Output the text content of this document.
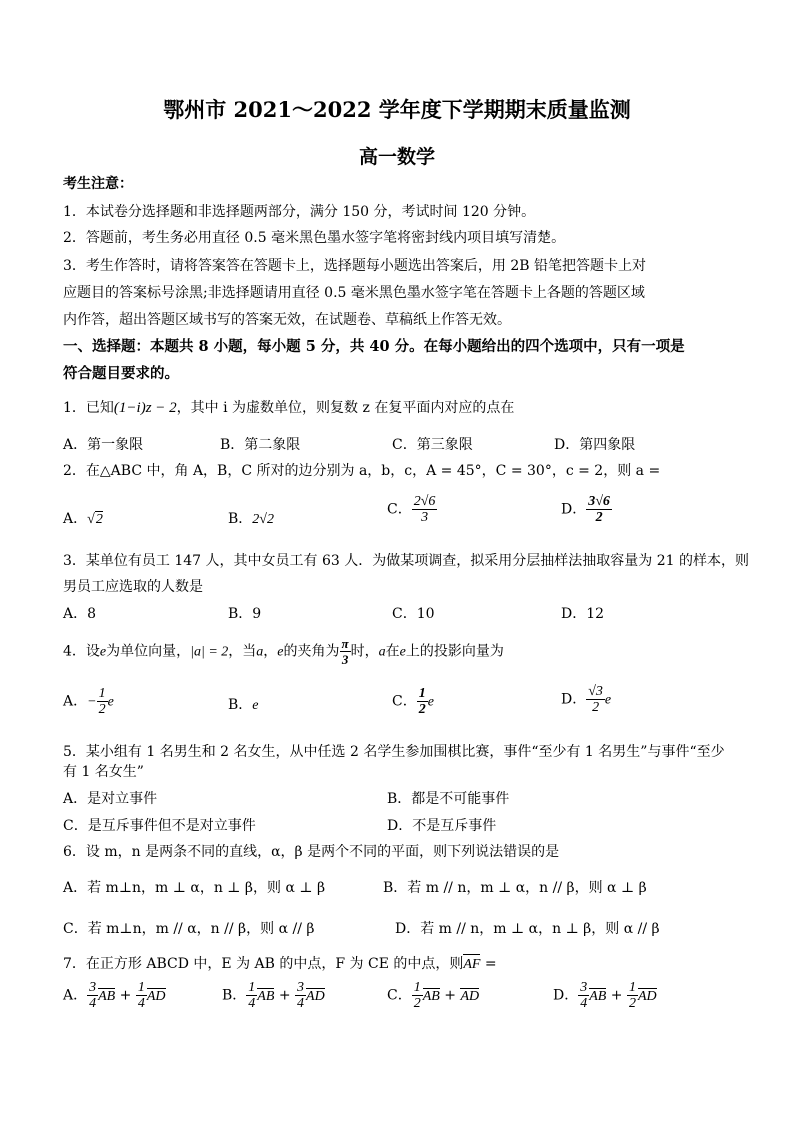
鄂州市 2021～2022 学年度下学期期末质量监测
高一数学
考生注意：
1．本试卷分选择题和非选择题两部分，满分 150 分，考试时间 120 分钟。
2．答题前，考生务必用直径 0.5 毫米黑色墨水签字笔将密封线内项目填写清楚。
3．考生作答时，请将答案答在答题卡上，选择题每小题选出答案后，用 2B 铅笔把答题卡上对
应题目的答案标号涂黑;非选择题请用直径 0.5 毫米黑色墨水签字笔在答题卡上各题的答题区域
内作答，超出答题区域书写的答案无效，在试题卷、草稿纸上作答无效。
一、选择题：本题共 8 小题，每小题 5 分，共 40 分。在每小题给出的四个选项中，只有一项是
符合题目要求的。
1．已知(1−i)z − 2，其中 i 为虚数单位，则复数 z 在复平面内对应的点在
A．第一象限	B．第二象限	C．第三象限	D．第四象限
2．在△ABC 中，角 A，B，C 所对的边分别为 a，b，c，A = 45°，C = 30°，c = 2，则 a =
A．√2	B．2√2
C． $\frac{2√6}{3}$	D． $\frac{3√6}{2}$
3．某单位有员工 147 人，其中女员工有 63 人．为做某项调查，拟采用分层抽样法抽取容量为 21 的样本，则
男员工应选取的人数是
A．8	B．9	C．10	D．12
4．设e为单位向量，|a| = 2，当a，e的夹角为 $\frac{\pi}{3}$ 时，a在e上的投影向量为
A．− $\frac{1}{2}$ e	B．e	C． $\frac{1}{2}$ e	D． $\frac{√3}{2}$ e
5．某小组有 1 名男生和 2 名女生，从中任选 2 名学生参加围棋比赛，事件“至少有 1 名男生”与事件“至少
有 1 名女生”
A．是对立事件	B．都是不可能事件
C．是互斥事件但不是对立事件	D．不是互斥事件
6．设 m，n 是两条不同的直线，α，β 是两个不同的平面，则下列说法错误的是
A．若 m⊥n，m ⊥ α，n ⊥ β，则 α ⊥ β	B．若 m // n，m ⊥ α，n // β，则 α ⊥ β
C．若 m⊥n，m // α，n // β，则 α // β	D．若 m // n，m ⊥ α，n ⊥ β，则 α // β
7．在正方形 ABCD 中，E 为 AB 的中点，F 为 CE 的中点，则AF =
A． $\frac{3}{4}$ AB + $\frac{1}{4}$ AD	B． $\frac{1}{4}$ AB + $\frac{3}{4}$ AD	C． $\frac{1}{2}$ AB + AD	D． $\frac{3}{4}$ AB + $\frac{1}{2}$ AD
